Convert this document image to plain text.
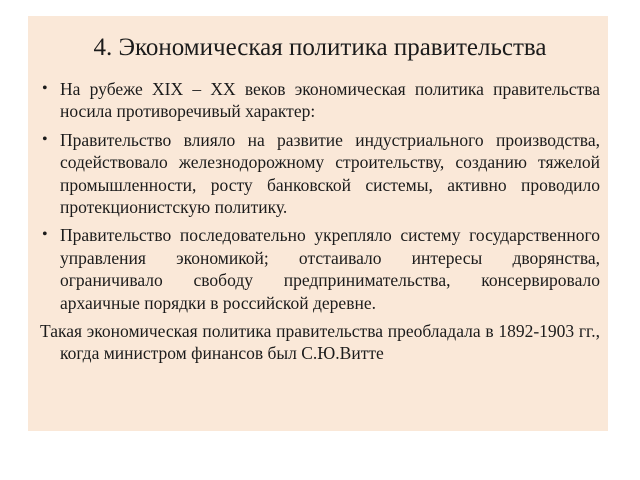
4. Экономическая политика правительства
• На рубеже XIX – XX веков экономическая политика правительства носила противоречивый характер:
• Правительство влияло на развитие индустриального производства, содействовало железнодорожному строительству, созданию тяжелой промышленности, росту банковской системы, активно проводило протекционистскую политику.
• Правительство последовательно укрепляло систему государственного управления экономикой; отстаивало интересы дворянства, ограничивало свободу предпринимательства, консервировало архаичные порядки в российской деревне.

Такая экономическая политика правительства преобладала в 1892-1903 гг., когда министром финансов был С.Ю.Витте
